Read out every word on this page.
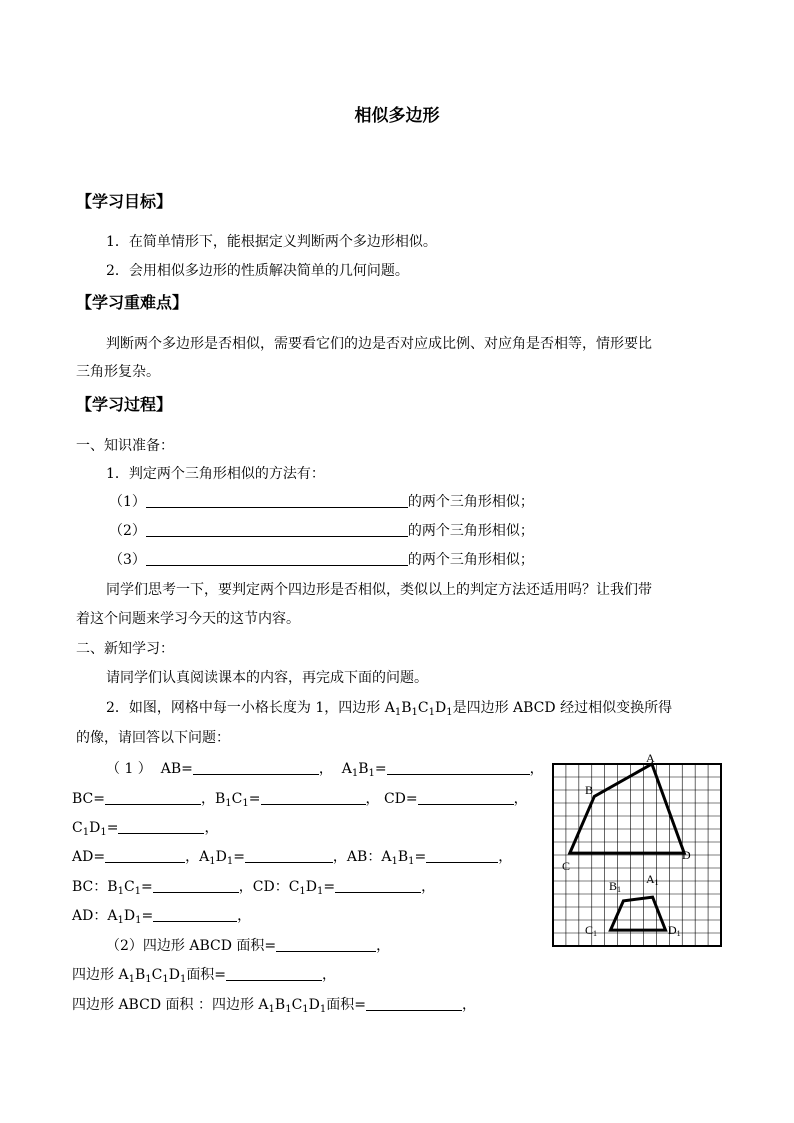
相似多边形
【学习目标】
1．在简单情形下，能根据定义判断两个多边形相似。
2．会用相似多边形的性质解决简单的几何问题。
【学习重难点】
判断两个多边形是否相似，需要看它们的边是否对应成比例、对应角是否相等，情形要比
三角形复杂。
【学习过程】
一、知识准备：
1．判定两个三角形相似的方法有：
（1）	的两个三角形相似；
（2）	的两个三角形相似；
（3）	的两个三角形相似；
同学们思考一下，要判定两个四边形是否相似，类似以上的判定方法还适用吗？让我们带
着这个问题来学习今天的这节内容。
二、新知学习：
请同学们认真阅读课本的内容，再完成下面的问题。
2．如图，网格中每一小格长度为 1，四边形 $A_1B_1C_1D_1$是四边形 ABCD 经过相似变换所得
的像，请回答以下问题：
（ 1 ）  AB=	，  $A_1B_1=$	，
BC=	，$B_1C_1=$	， CD=	，
$C_1D_1=$	，
AD=	，$A_1D_1=$	，AB：$A_1B_1=$	，
BC：$B_1C_1=$	，CD：$C_1D_1=$	，
AD：$A_1D_1=$	，
（2）四边形 ABCD 面积=	，
四边形 $A_1B_1C_1D_1$面积=	，
四边形 ABCD 面积 ：四边形 $A_1B_1C_1D_1$面积=	，
A
B
C
D
A1
B1
C1	D1
